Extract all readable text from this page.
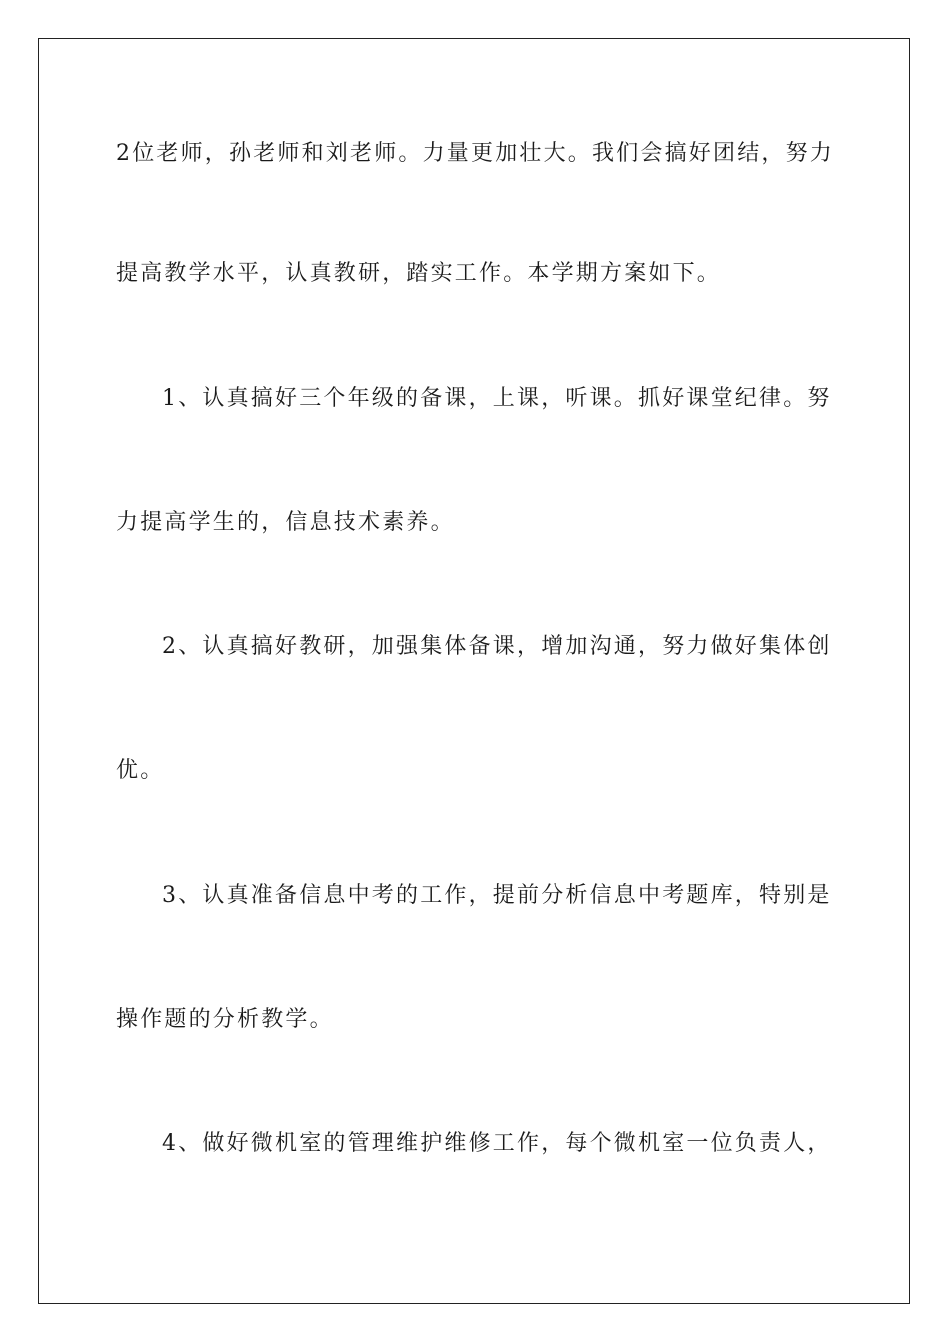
2位老师，孙老师和刘老师。力量更加壮大。我们会搞好团结，努力

提高教学水平，认真教研，踏实工作。本学期方案如下。

1、认真搞好三个年级的备课，上课，听课。抓好课堂纪律。努

力提高学生的，信息技术素养。

2、认真搞好教研，加强集体备课，增加沟通，努力做好集体创

优。

3、认真准备信息中考的工作，提前分析信息中考题库，特别是

操作题的分析教学。

4、做好微机室的管理维护维修工作，每个微机室一位负责人，
